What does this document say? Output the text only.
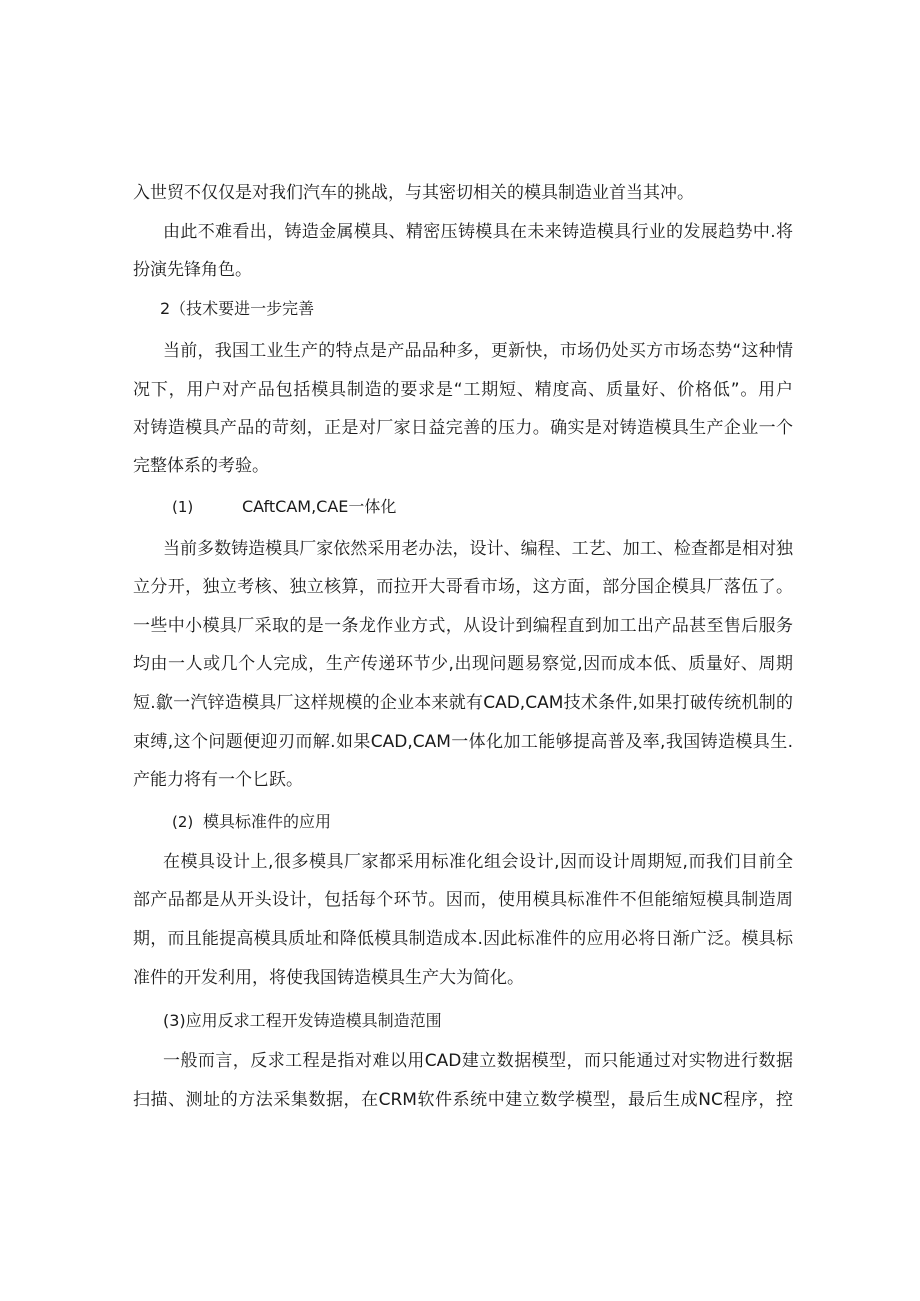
入世贸不仅仅是对我们汽车的挑战，与其密切相关的模具制造业首当其冲。
由此不难看出，铸造金属模具、精密压铸模具在未来铸造模具行业的发展趋势中.将
扮演先锋角色。
2（技术要进一步完善
当前，我国工业生产的特点是产品品种多，更新快，市场仍处买方市场态势“这种情
况下，用户对产品包括模具制造的要求是“工期短、精度高、质量好、价格低”。用户
对铸造模具产品的苛刻，正是对厂家日益完善的压力。确实是对铸造模具生产企业一个
完整体系的考验。
(1)	CAftCAM,CAE一体化
当前多数铸造模具厂家依然采用老办法，设计、编程、工艺、加工、检查都是相对独
立分开，独立考核、独立核算，而拉开大哥看市场，这方面，部分国企模具厂落伍了。
一些中小模具厂采取的是一条龙作业方式，从设计到编程直到加工出产品甚至售后服务
均由一人或几个人完成，生产传递环节少,出现问题易察觉,因而成本低、质量好、周期
短.歙一汽锌造模具厂这样规模的企业本来就有CAD,CAM技术条件,如果打破传统机制的
束缚,这个问题便迎刃而解.如果CAD,CAM一体化加工能够提高普及率,我国铸造模具生.
产能力将有一个匕跃。
(2) 模具标准件的应用
在模具设计上,很多模具厂家都采用标准化组会设计,因而设计周期短,而我们目前全
部产品都是从开头设计，包括每个环节。因而，使用模具标准件不但能缩短模具制造周
期，而且能提高模具质址和降低模具制造成本.因此标准件的应用必将日渐广泛。模具标
准件的开发利用，将使我国铸造模具生产大为简化。
(3)应用反求工程开发铸造模具制造范围
一般而言，反求工程是指对难以用CAD建立数据模型，而只能通过对实物进行数据
扫描、测址的方法采集数据，在CRM软件系统中建立数学模型，最后生成NC程序，控
